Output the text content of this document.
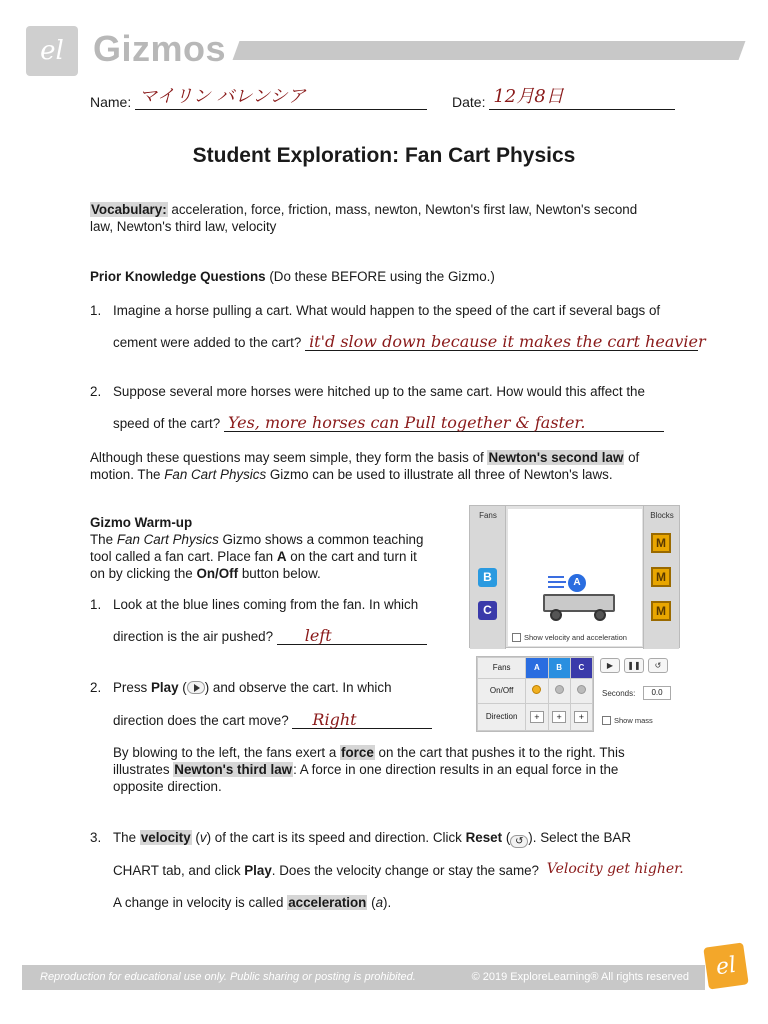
el Gizmos
Name: マイリン バレンシア	Date: 12月8日
Student Exploration: Fan Cart Physics
Vocabulary: acceleration, force, friction, mass, newton, Newton's first law, Newton's second
law, Newton's third law, velocity
Prior Knowledge Questions (Do these BEFORE using the Gizmo.)
1. Imagine a horse pulling a cart. What would happen to the speed of the cart if several bags of
cement were added to the cart? it'd slow down because it makes the cart heavier
2. Suppose several more horses were hitched up to the same cart. How would this affect the
speed of the cart? Yes, more horses can Pull together & faster.
Although these questions may seem simple, they form the basis of Newton's second law of
motion. The Fan Cart Physics Gizmo can be used to illustrate all three of Newton's laws.
Gizmo Warm-up
The Fan Cart Physics Gizmo shows a common teaching
tool called a fan cart. Place fan A on the cart and turn it
on by clicking the On/Off button below.
1. Look at the blue lines coming from the fan. In which
direction is the air pushed? left
2. Press Play ( ) and observe the cart. In which
direction does the cart move? Right
By blowing to the left, the fans exert a force on the cart that pushes it to the right. This
illustrates Newton's third law: A force in one direction results in an equal force in the
opposite direction.
3. The velocity (v) of the cart is its speed and direction. Click Reset ( ↺ ). Select the BAR
CHART tab, and click Play. Does the velocity change or stay the same? Velocity get higher.
A change in velocity is called acceleration (a).
Fans
B
C
A
Show velocity and acceleration
Blocks
M
M
M
Fans	A	B	C
On/Off			
Direction	+	+	+
▶	❚❚	↺
Seconds:	0.0
Show mass
Reproduction for educational use only. Public sharing or posting is prohibited.	© 2019 ExploreLearning® All rights reserved	el
